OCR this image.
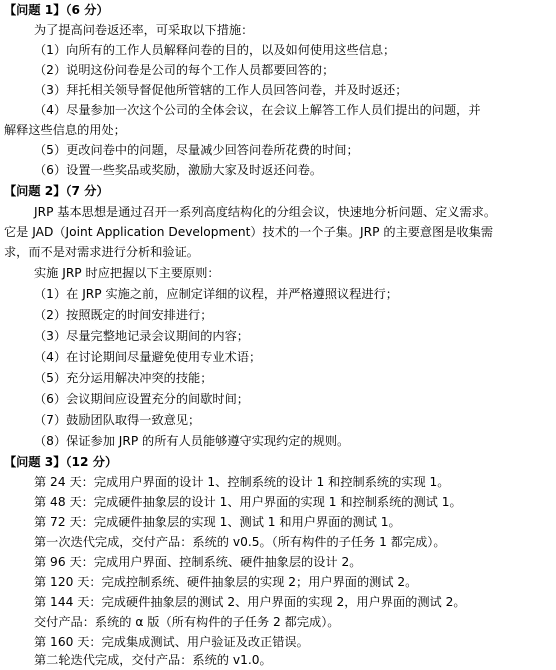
【问题 1】（6 分）
为了提高问卷返还率，可采取以下措施：
（1）向所有的工作人员解释问卷的目的，以及如何使用这些信息；
（2）说明这份问卷是公司的每个工作人员都要回答的；
（3）拜托相关领导督促他所管辖的工作人员回答问卷，并及时返还；
（4）尽量参加一次这个公司的全体会议，在会议上解答工作人员们提出的问题，并
解释这些信息的用处；
（5）更改问卷中的问题，尽量减少回答问卷所花费的时间；
（6）设置一些奖品或奖励，激励大家及时返还问卷。
【问题 2】（7 分）
JRP 基本思想是通过召开一系列高度结构化的分组会议，快速地分析问题、定义需求。
它是 JAD（Joint Application Development）技术的一个子集。JRP 的主要意图是收集需
求，而不是对需求进行分析和验证。
实施 JRP 时应把握以下主要原则：
（1）在 JRP 实施之前，应制定详细的议程，并严格遵照议程进行；
（2）按照既定的时间安排进行；
（3）尽量完整地记录会议期间的内容；
（4）在讨论期间尽量避免使用专业术语；
（5）充分运用解决冲突的技能；
（6）会议期间应设置充分的间歇时间；
（7）鼓励团队取得一致意见；
（8）保证参加 JRP 的所有人员能够遵守实现约定的规则。
【问题 3】（12 分）
第 24 天：完成用户界面的设计 1、控制系统的设计 1 和控制系统的实现 1。
第 48 天：完成硬件抽象层的设计 1、用户界面的实现 1 和控制系统的测试 1。
第 72 天：完成硬件抽象层的实现 1、测试 1 和用户界面的测试 1。
第一次迭代完成，交付产品：系统的 v0.5。（所有构件的子任务 1 都完成）。
第 96 天：完成用户界面、控制系统、硬件抽象层的设计 2。
第 120 天：完成控制系统、硬件抽象层的实现 2；用户界面的测试 2。
第 144 天：完成硬件抽象层的测试 2、用户界面的实现 2，用户界面的测试 2。
交付产品：系统的 α 版（所有构件的子任务 2 都完成）。
第 160 天：完成集成测试、用户验证及改正错误。
第二轮迭代完成，交付产品：系统的 v1.0。
